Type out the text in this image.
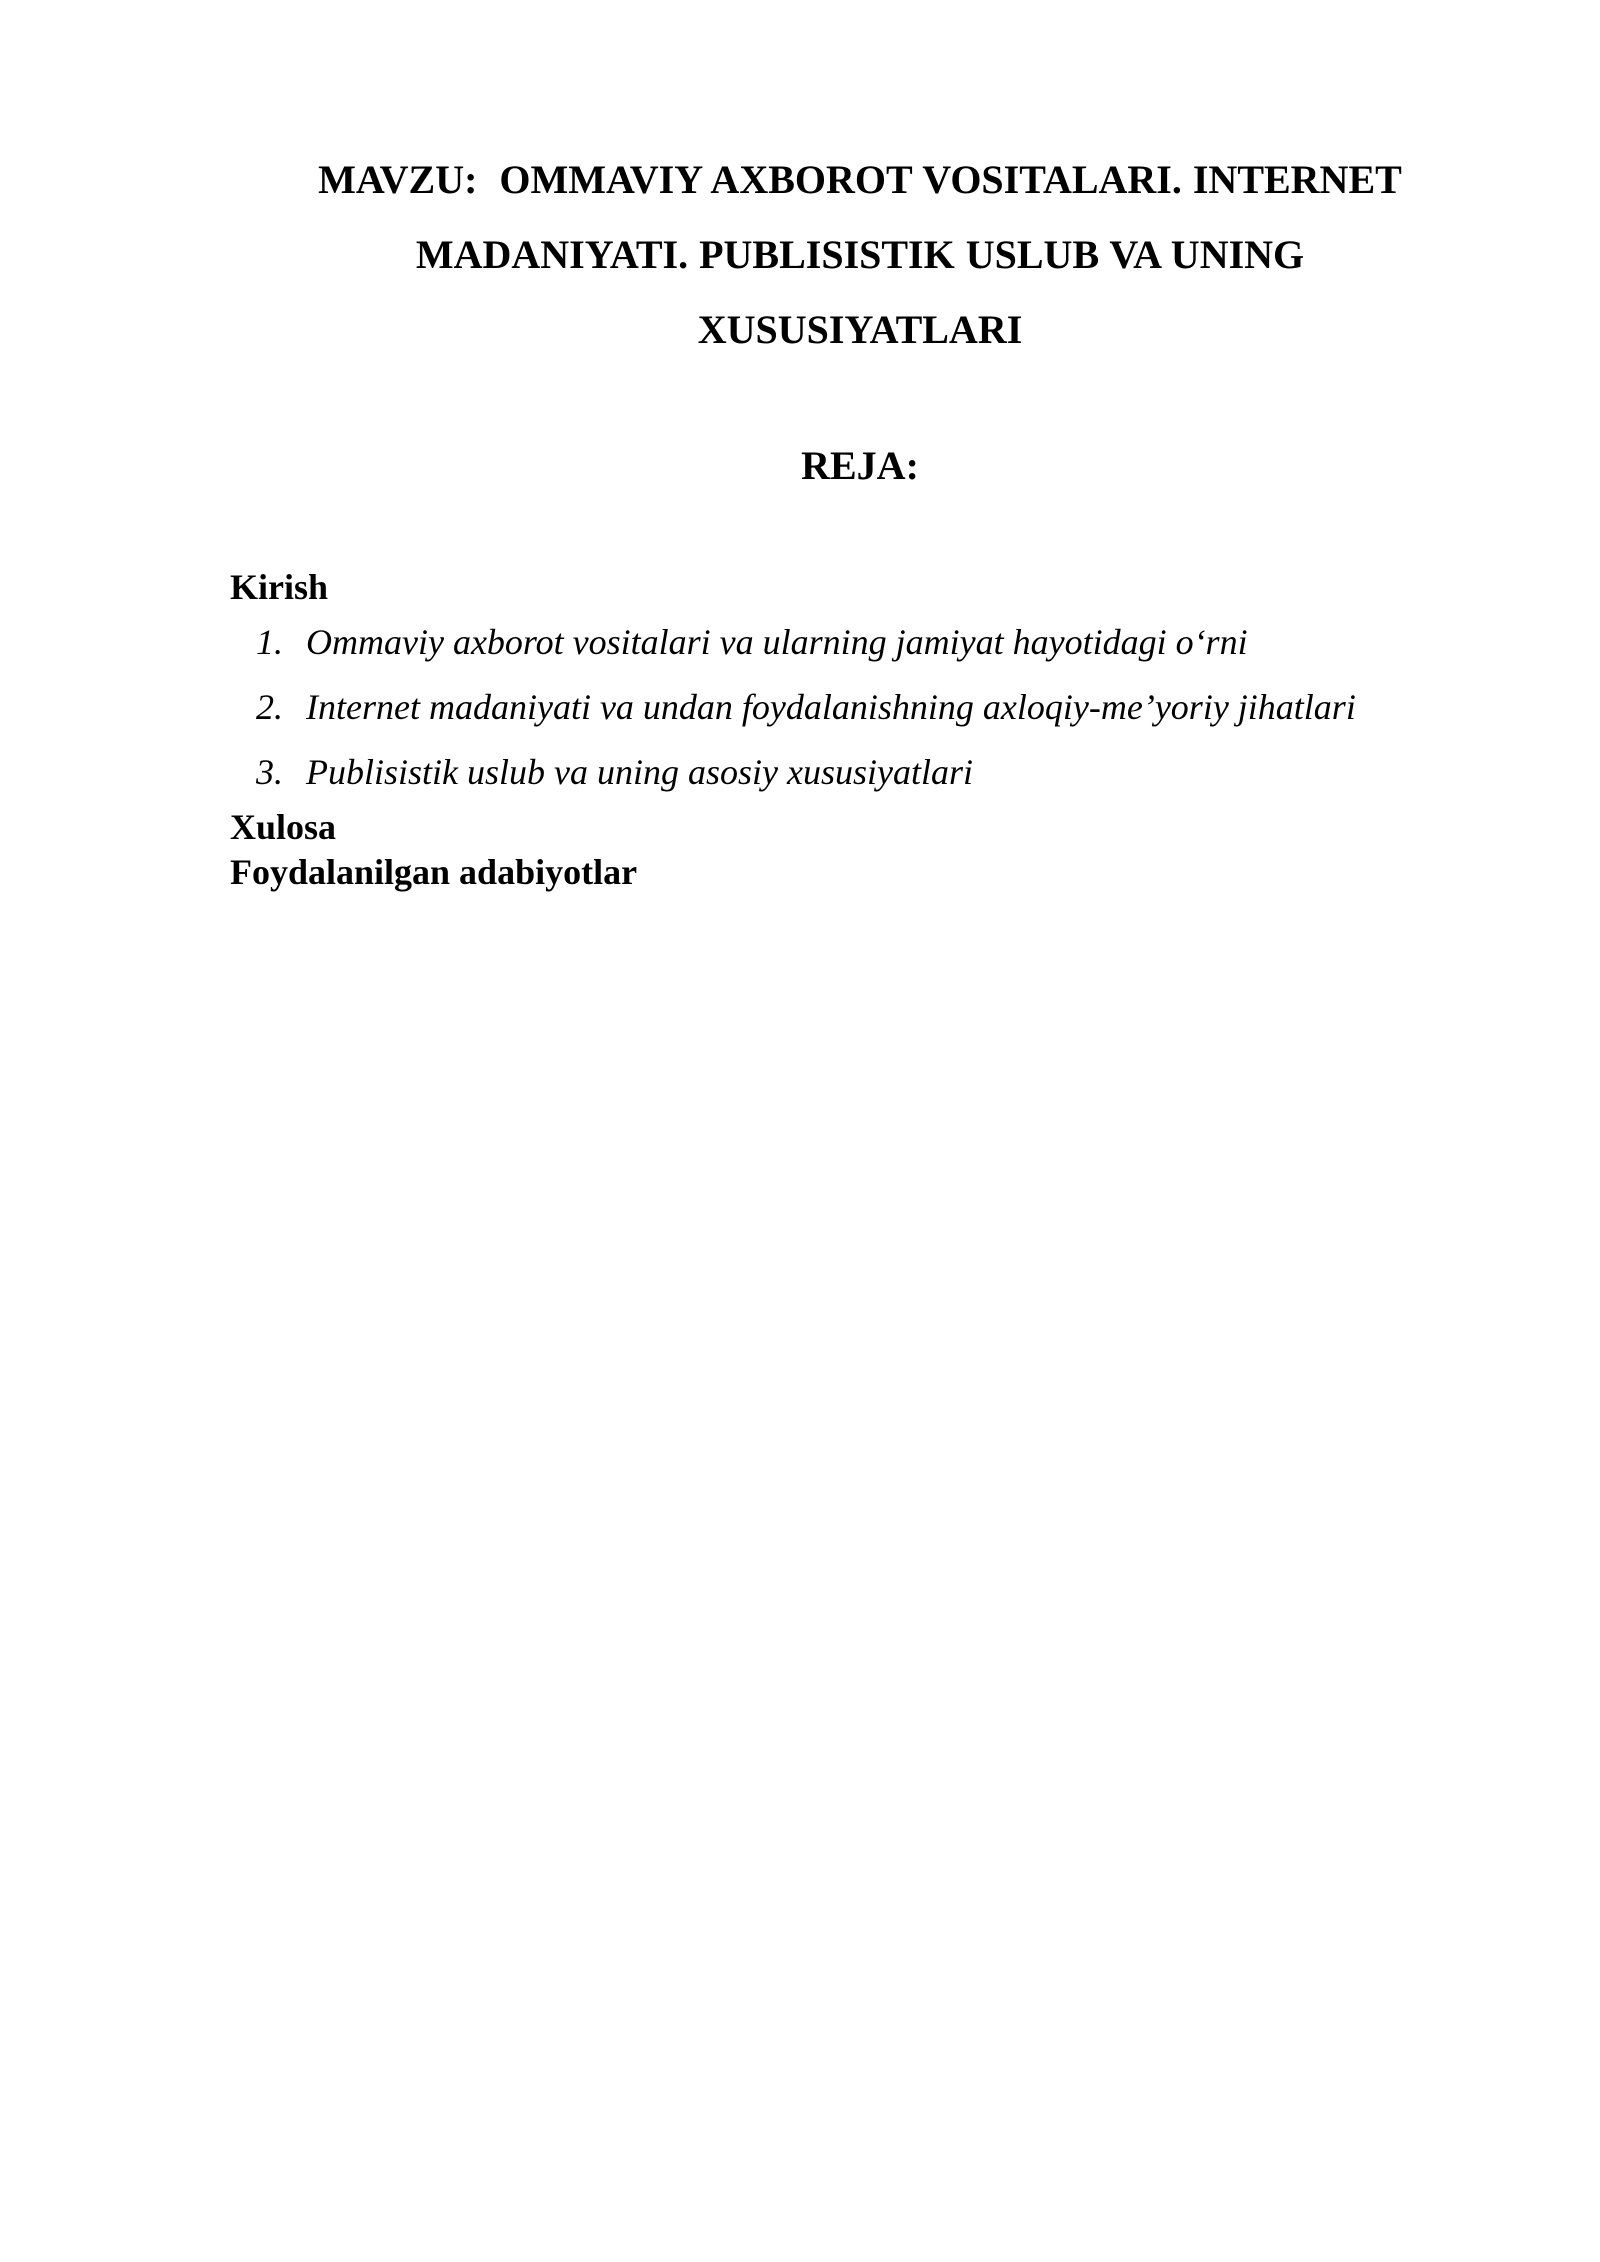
MAVZU:  OMMAVIY AXBOROT VOSITALARI. INTERNET
MADANIYATI. PUBLISISTIK USLUB VA UNING
XUSUSIYATLARI
REJA:

Kirish

1. Ommaviy axborot vositalari va ularning jamiyat hayotidagi o‘rni
2. Internet madaniyati va undan foydalanishning axloqiy-me’yoriy jihatlari
3. Publisistik uslub va uning asosiy xususiyatlari

Xulosa

Foydalanilgan adabiyotlar
